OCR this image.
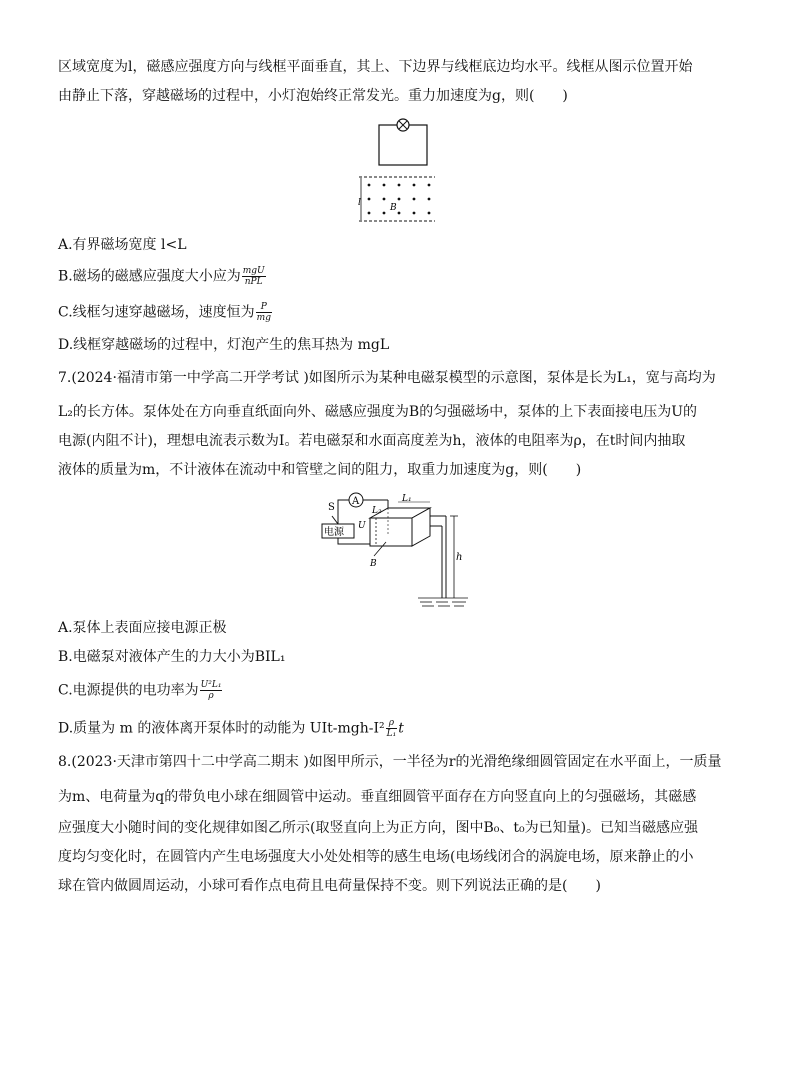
区域宽度为l，磁感应强度方向与线框平面垂直，其上、下边界与线框底边均水平。线框从图示位置开始
由静止下落，穿越磁场的过程中，小灯泡始终正常发光。重力加速度为g，则(　　)
l	B
A.有界磁场宽度 l<L
B.磁场的磁感应强度大小应为 $\frac{\text{mgU}}{\text{nPL}}$
C.线框匀速穿越磁场，速度恒为 $\frac{P}{mg}$
D.线框穿越磁场的过程中，灯泡产生的焦耳热为 mgL
7.(2024·福清市第一中学高二开学考试 )如图所示为某种电磁泵模型的示意图，泵体是长为L₁，宽与高均为
L₂的长方体。泵体处在方向垂直纸面向外、磁感应强度为B的匀强磁场中，泵体的上下表面接电压为U的
电源(内阻不计)，理想电流表示数为I。若电磁泵和水面高度差为h，液体的电阻率为ρ，在t时间内抽取
液体的质量为m，不计液体在流动中和管壁之间的阻力，取重力加速度为g，则(　　)
A
S
电源
h
L₁
L₂
U
B
A.泵体上表面应接电源正极
B.电磁泵对液体产生的力大小为BIL₁
C.电源提供的电功率为 $\frac{\text{U²L₁}}{\rho}$
D.质量为 m 的液体离开泵体时的动能为 $UIt-mgh-I^2 \frac{\rho}{\text{L₁}}$ t
8.(2023·天津市第四十二中学高二期末 )如图甲所示，一半径为r的光滑绝缘细圆管固定在水平面上，一质量
为m、电荷量为q的带负电小球在细圆管中运动。垂直细圆管平面存在方向竖直向上的匀强磁场，其磁感
应强度大小随时间的变化规律如图乙所示(取竖直向上为正方向，图中B₀、t₀为已知量)。已知当磁感应强
度均匀变化时，在圆管内产生电场强度大小处处相等的感生电场(电场线闭合的涡旋电场，原来静止的小
球在管内做圆周运动，小球可看作点电荷且电荷量保持不变。则下列说法正确的是(　　)
